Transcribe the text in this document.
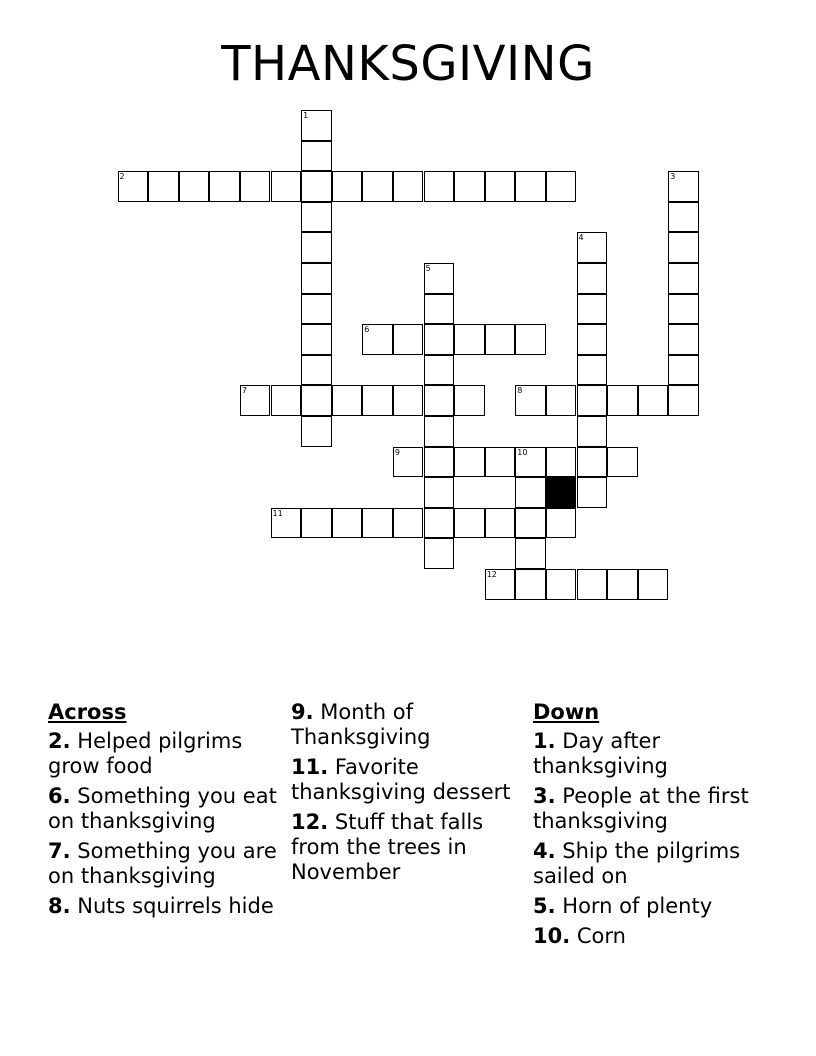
THANKSGIVING
1
2	3
4
5
6
7	8
9	10
11
12
Across
2. Helped pilgrims grow food
6. Something you eat on thanksgiving
7. Something you are on thanksgiving
8. Nuts squirrels hide
9. Month of Thanksgiving
11. Favorite thanksgiving dessert
12. Stuff that falls from the trees in November
Down
1. Day after thanksgiving
3. People at the first thanksgiving
4. Ship the pilgrims sailed on
5. Horn of plenty
10. Corn
